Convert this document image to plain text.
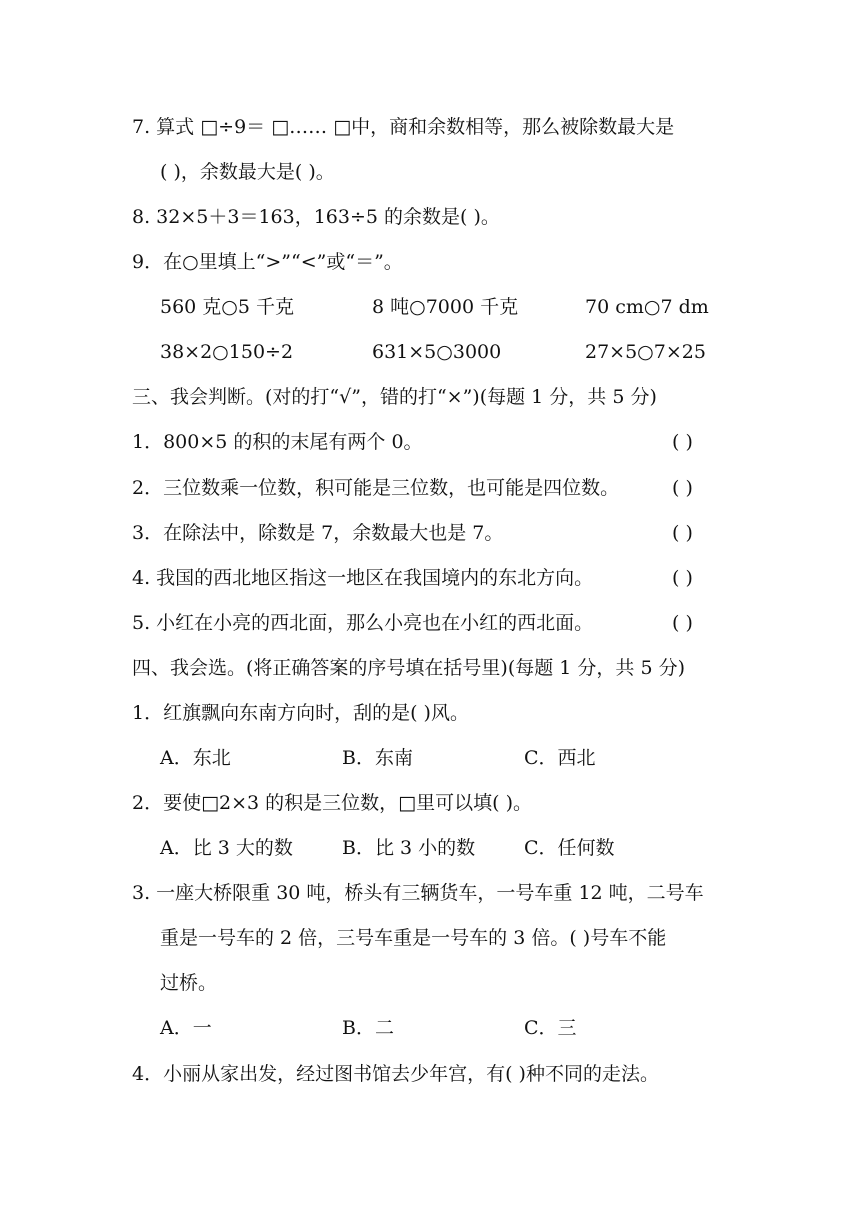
7. 算式 □÷9＝ □…… □中，商和余数相等，那么被除数最大是
( )，余数最大是( )。
8. 32×5＋3＝163，163÷5 的余数是( )。
9．在○里填上“>”“<”或“＝”。
560 克○5 千克	8 吨○7000 千克	70 cm○7 dm
38×2○150÷2	631×5○3000	27×5○7×25
三、我会判断。(对的打“√”，错的打“×”)(每题 1 分，共 5 分)
1．800×5 的积的末尾有两个 0。	( )
2．三位数乘一位数，积可能是三位数，也可能是四位数。	( )
3．在除法中，除数是 7，余数最大也是 7。	( )
4. 我国的西北地区指这一地区在我国境内的东北方向。	( )
5. 小红在小亮的西北面，那么小亮也在小红的西北面。	( )
四、我会选。(将正确答案的序号填在括号里)(每题 1 分，共 5 分)
1．红旗飘向东南方向时，刮的是( )风。
A．东北	B．东南	C．西北
2．要使□2×3 的积是三位数，□里可以填( )。
A．比 3 大的数	B．比 3 小的数	C．任何数
3. 一座大桥限重 30 吨，桥头有三辆货车，一号车重 12 吨，二号车
重是一号车的 2 倍，三号车重是一号车的 3 倍。( )号车不能
过桥。
A．一	B．二	C．三
4．小丽从家出发，经过图书馆去少年宫，有( )种不同的走法。
